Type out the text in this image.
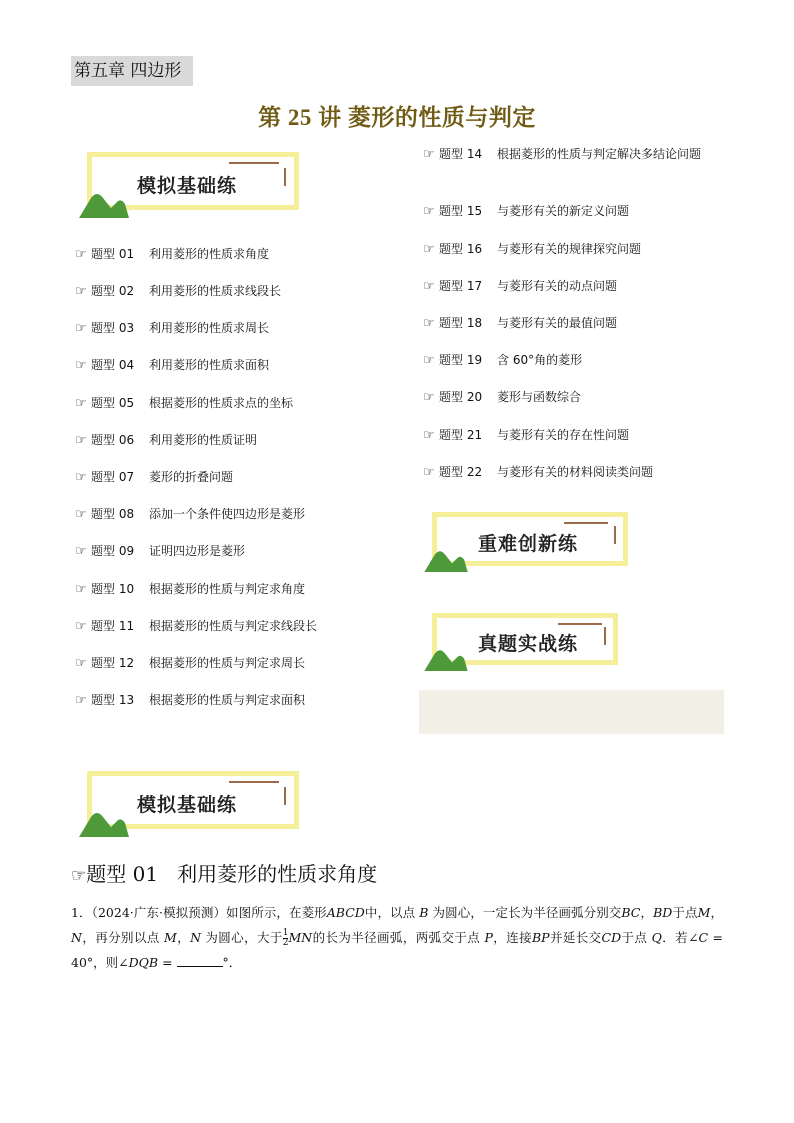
第五章 四边形
第 25 讲 菱形的性质与判定
模拟基础练
☞ 题型 01 利用菱形的性质求角度
☞ 题型 02 利用菱形的性质求线段长
☞ 题型 03 利用菱形的性质求周长
☞ 题型 04 利用菱形的性质求面积
☞ 题型 05 根据菱形的性质求点的坐标
☞ 题型 06 利用菱形的性质证明
☞ 题型 07 菱形的折叠问题
☞ 题型 08 添加一个条件使四边形是菱形
☞ 题型 09 证明四边形是菱形
☞ 题型 10 根据菱形的性质与判定求角度
☞ 题型 11 根据菱形的性质与判定求线段长
☞ 题型 12 根据菱形的性质与判定求周长
☞ 题型 13 根据菱形的性质与判定求面积
☞ 题型 14 根据菱形的性质与判定解决多结论问题
☞ 题型 15 与菱形有关的新定义问题
☞ 题型 16 与菱形有关的规律探究问题
☞ 题型 17 与菱形有关的动点问题
☞ 题型 18 与菱形有关的最值问题
☞ 题型 19 含 60°角的菱形
☞ 题型 20 菱形与函数综合
☞ 题型 21 与菱形有关的存在性问题
☞ 题型 22 与菱形有关的材料阅读类问题
重难创新练
真题实战练
模拟基础练
☞题型 01 利用菱形的性质求角度
1．（2024·广东·模拟预测）如图所示，在菱形ABCD中，以点 B 为圆心，一定长为半径画弧分别交BC，BD于点M，N，再分别以点 M，N 为圆心，大于 $\frac{1}{2}$ MN的长为半径画弧，两弧交于点 P，连接BP并延长交CD于点 Q．若∠C = 40°，则∠DQB =	°．
